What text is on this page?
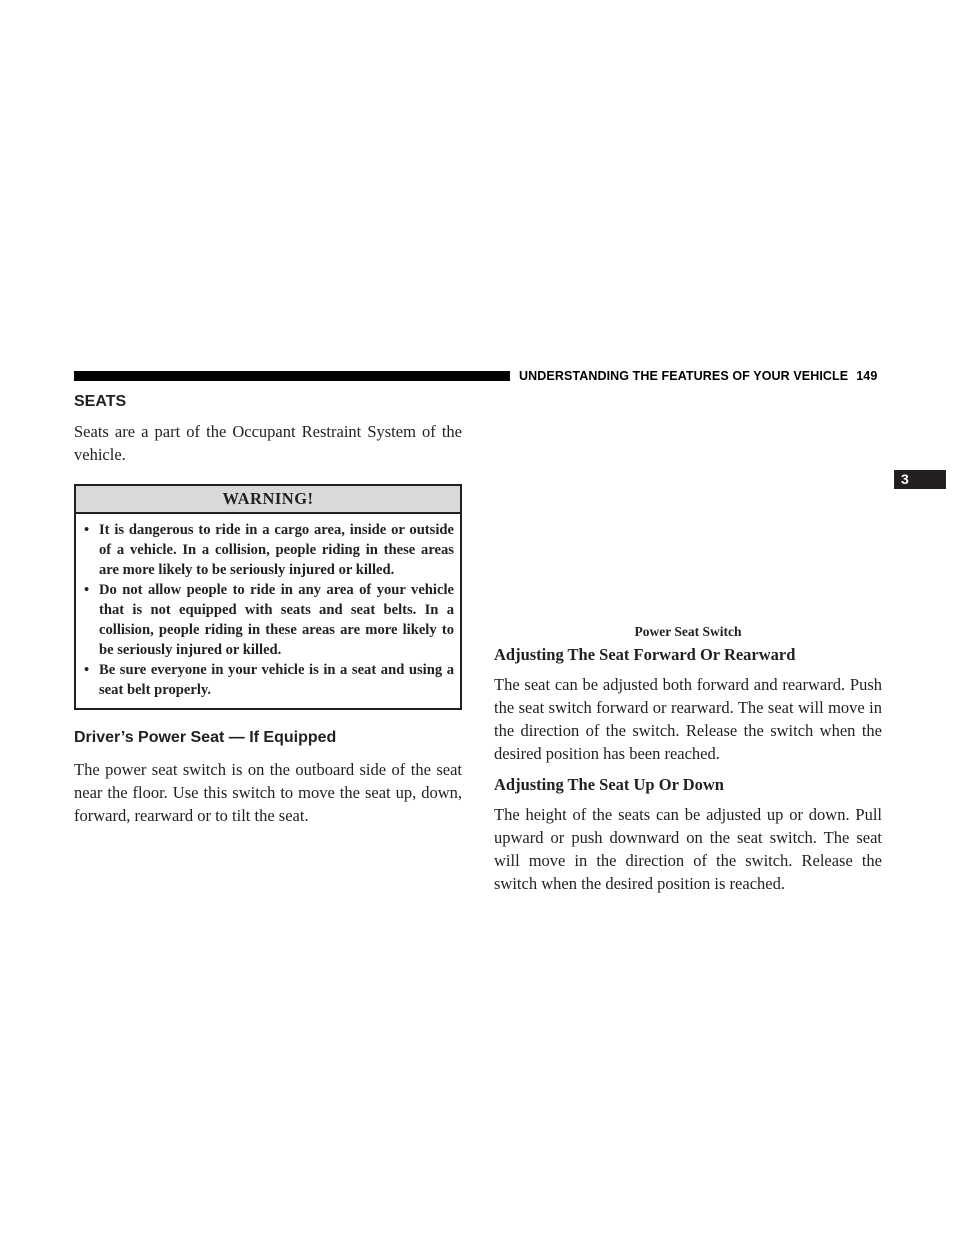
UNDERSTANDING THE FEATURES OF YOUR VEHICLE 149
3
SEATS

Seats are a part of the Occupant Restraint System of the vehicle.

WARNING!
• It is dangerous to ride in a cargo area, inside or outside of a vehicle. In a collision, people riding in these areas are more likely to be seriously injured or killed.
• Do not allow people to ride in any area of your vehicle that is not equipped with seats and seat belts. In a collision, people riding in these areas are more likely to be seriously injured or killed.
• Be sure everyone in your vehicle is in a seat and using a seat belt properly.
Driver’s Power Seat — If Equipped

The power seat switch is on the outboard side of the seat near the floor. Use this switch to move the seat up, down, forward, rearward or to tilt the seat.

Power Seat Switch
Adjusting The Seat Forward Or Rearward

The seat can be adjusted both forward and rearward. Push the seat switch forward or rearward. The seat will move in the direction of the switch. Release the switch when the desired position has been reached.

Adjusting The Seat Up Or Down

The height of the seats can be adjusted up or down. Pull upward or push downward on the seat switch. The seat will move in the direction of the switch. Release the switch when the desired position is reached.
